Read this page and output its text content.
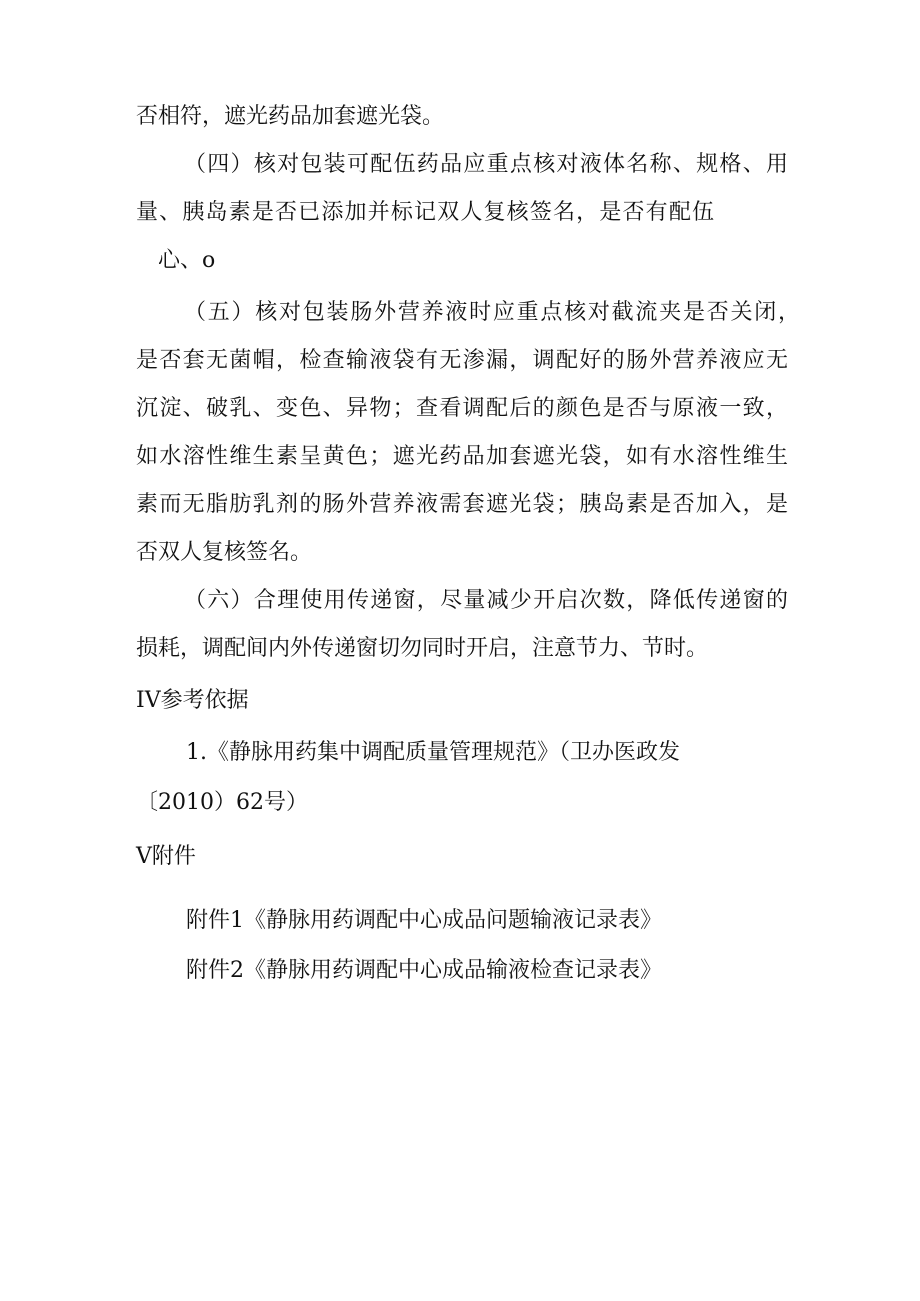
否相符，遮光药品加套遮光袋。
（四）核对包装可配伍药品应重点核对液体名称、规格、用
量、胰岛素是否已添加并标记双人复核签名，是否有配伍
心、o
（五）核对包装肠外营养液时应重点核对截流夹是否关闭，
是否套无菌帽，检查输液袋有无渗漏，调配好的肠外营养液应无
沉淀、破乳、变色、异物；查看调配后的颜色是否与原液一致，
如水溶性维生素呈黄色；遮光药品加套遮光袋，如有水溶性维生
素而无脂肪乳剂的肠外营养液需套遮光袋；胰岛素是否加入，是
否双人复核签名。
（六）合理使用传递窗，尽量减少开启次数，降低传递窗的
损耗，调配间内外传递窗切勿同时开启，注意节力、节时。
IV参考依据
1.《静脉用药集中调配质量管理规范》（卫办医政发
〔2010）62号）
V附件
附件1《静脉用药调配中心成品问题输液记录表》
附件2《静脉用药调配中心成品输液检查记录表》
